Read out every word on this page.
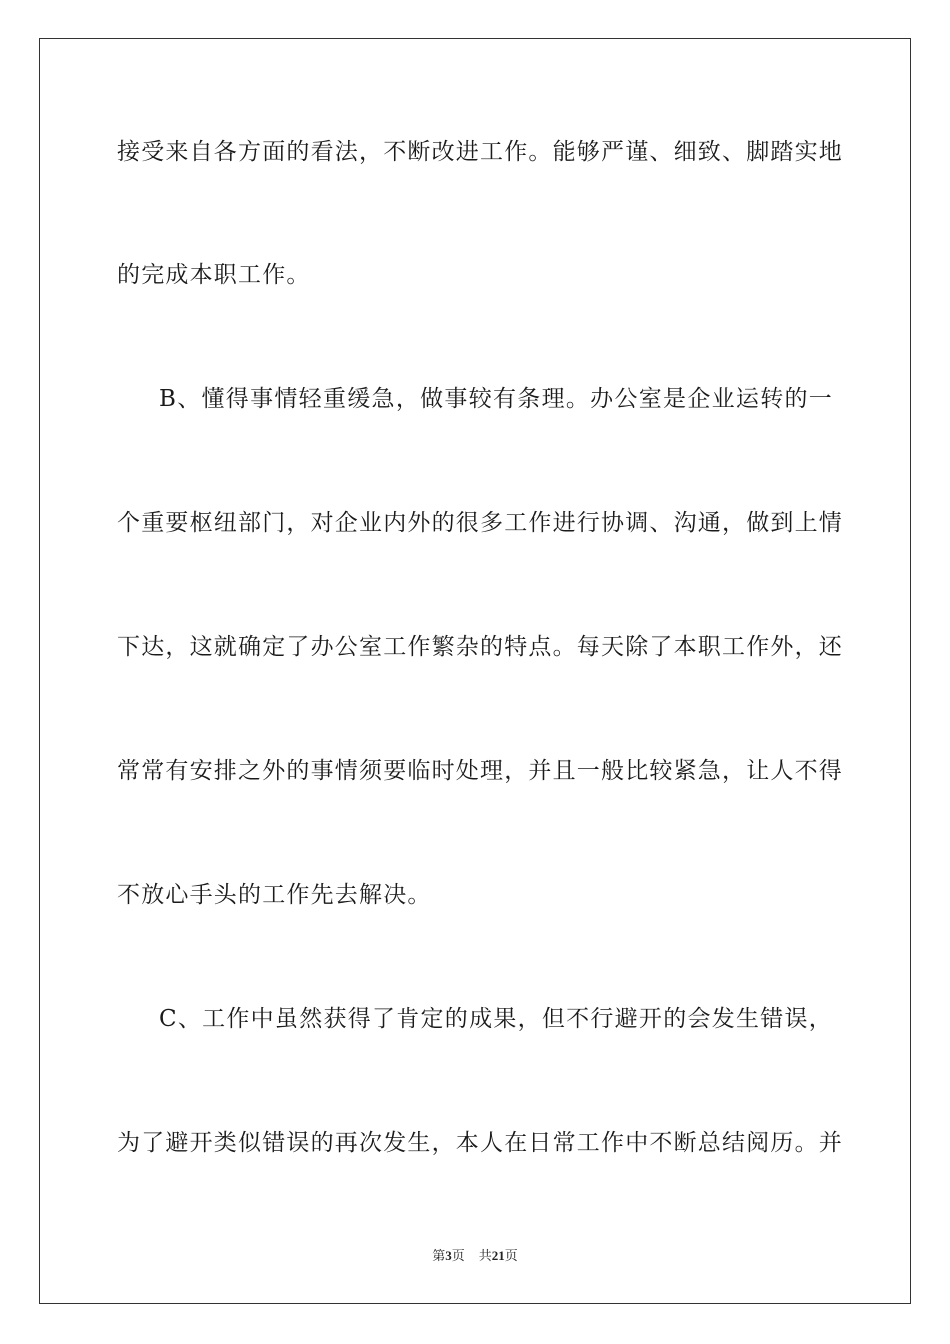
接受来自各方面的看法，不断改进工作。能够严谨、细致、脚踏实地
的完成本职工作。
B、懂得事情轻重缓急，做事较有条理。办公室是企业运转的一
个重要枢纽部门，对企业内外的很多工作进行协调、沟通，做到上情
下达，这就确定了办公室工作繁杂的特点。每天除了本职工作外，还
常常有安排之外的事情须要临时处理，并且一般比较紧急，让人不得
不放心手头的工作先去解决。
C、工作中虽然获得了肯定的成果，但不行避开的会发生错误，
为了避开类似错误的再次发生，本人在日常工作中不断总结阅历。并
第3页 共21页
